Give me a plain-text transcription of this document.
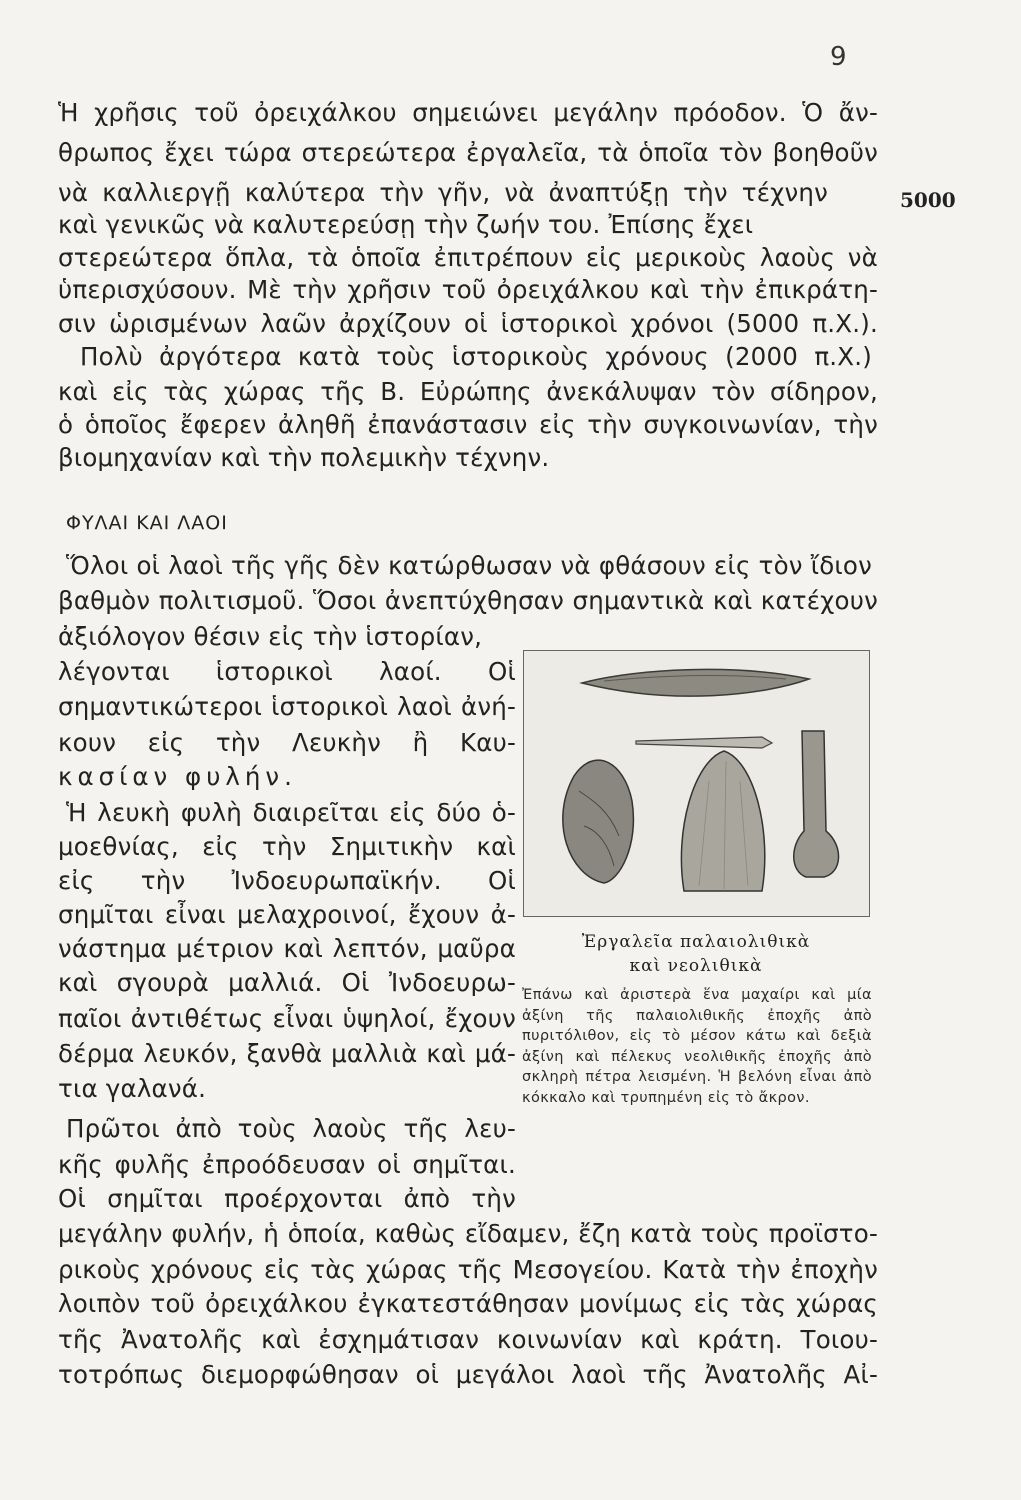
9
5000
Ἡ χρῆσις τοῦ ὀρειχάλκου σημειώνει μεγάλην πρόοδον. Ὁ ἄν-
θρωπος ἔχει τώρα στερεώτερα ἐργαλεῖα, τὰ ὁποῖα τὸν βοηθοῦν
νὰ καλλιεργῇ καλύτερα τὴν γῆν, νὰ ἀναπτύξῃ τὴν τέχνην
καὶ γενικῶς νὰ καλυτερεύσῃ τὴν ζωήν του. Ἐπίσης ἔχει
στερεώτερα ὅπλα, τὰ ὁποῖα ἐπιτρέπουν εἰς μερικοὺς λαοὺς νὰ
ὑπερισχύσουν. Μὲ τὴν χρῆσιν τοῦ ὀρειχάλκου καὶ τὴν ἐπικράτη-
σιν ὡρισμένων λαῶν ἀρχίζουν οἱ ἱστορικοὶ χρόνοι (5000 π.Χ.).
Πολὺ ἀργότερα κατὰ τοὺς ἱστορικοὺς χρόνους (2000 π.Χ.)
καὶ εἰς τὰς χώρας τῆς Β. Εὐρώπης ἀνεκάλυψαν τὸν σίδηρον,
ὁ ὁποῖος ἔφερεν ἀληθῆ ἐπανάστασιν εἰς τὴν συγκοινωνίαν, τὴν
βιομηχανίαν καὶ τὴν πολεμικὴν τέχνην.
ΦΥΛΑΙ ΚΑΙ ΛΑΟΙ
Ὅλοι οἱ λαοὶ τῆς γῆς δὲν κατώρθωσαν νὰ φθάσουν εἰς τὸν ἴδιον
βαθμὸν πολιτισμοῦ. Ὅσοι ἀνεπτύχθησαν σημαντικὰ καὶ κατέχουν
ἀξιόλογον θέσιν εἰς τὴν ἱστορίαν,
λέγονται ἱστορικοὶ λαοί. Οἱ
σημαντικώτεροι ἱστορικοὶ λαοὶ ἀνή-
κουν εἰς τὴν Λευκὴν ἢ Καυ-
κασίαν φυλήν.
Ἡ λευκὴ φυλὴ διαιρεῖται εἰς δύο ὁ-
μοεθνίας, εἰς τὴν Σημιτικὴν καὶ
εἰς τὴν Ἰνδοευρωπαϊκήν. Οἱ
σημῖται εἶναι μελαχροινοί, ἔχουν ἀ-
νάστημα μέτριον καὶ λεπτόν, μαῦρα
καὶ σγουρὰ μαλλιά. Οἱ Ἰνδοευρω-
παῖοι ἀντιθέτως εἶναι ὑψηλοί, ἔχουν
δέρμα λευκόν, ξανθὰ μαλλιὰ καὶ μά-
τια γαλανά.
Πρῶτοι ἀπὸ τοὺς λαοὺς τῆς λευ-
κῆς φυλῆς ἐπροόδευσαν οἱ σημῖται.
Οἱ σημῖται προέρχονται ἀπὸ τὴν
μεγάλην φυλήν, ἡ ὁποία, καθὼς εἴδαμεν, ἔζη κατὰ τοὺς προϊστο-
ρικοὺς χρόνους εἰς τὰς χώρας τῆς Μεσογείου. Κατὰ τὴν ἐποχὴν
λοιπὸν τοῦ ὀρειχάλκου ἐγκατεστάθησαν μονίμως εἰς τὰς χώρας
τῆς Ἀνατολῆς καὶ ἐσχημάτισαν κοινωνίαν καὶ κράτη. Τοιου-
τοτρόπως διεμορφώθησαν οἱ μεγάλοι λαοὶ τῆς Ἀνατολῆς Αἰ-
Ἐργαλεῖα παλαιολιθικὰ
καὶ νεολιθικὰ
Ἐπάνω καὶ ἀριστερὰ ἕνα μαχαίρι καὶ μία ἀξίνη τῆς παλαιολιθικῆς ἐποχῆς ἀπὸ πυριτόλιθον, εἰς τὸ μέσον κάτω καὶ δεξιὰ ἀξίνη καὶ πέλεκυς νεολιθικῆς ἐποχῆς ἀπὸ σκληρὴ πέτρα λεισμένη. Ἡ βελόνη εἶναι ἀπὸ κόκκαλο καὶ τρυπημένη εἰς τὸ ἄκρον.
